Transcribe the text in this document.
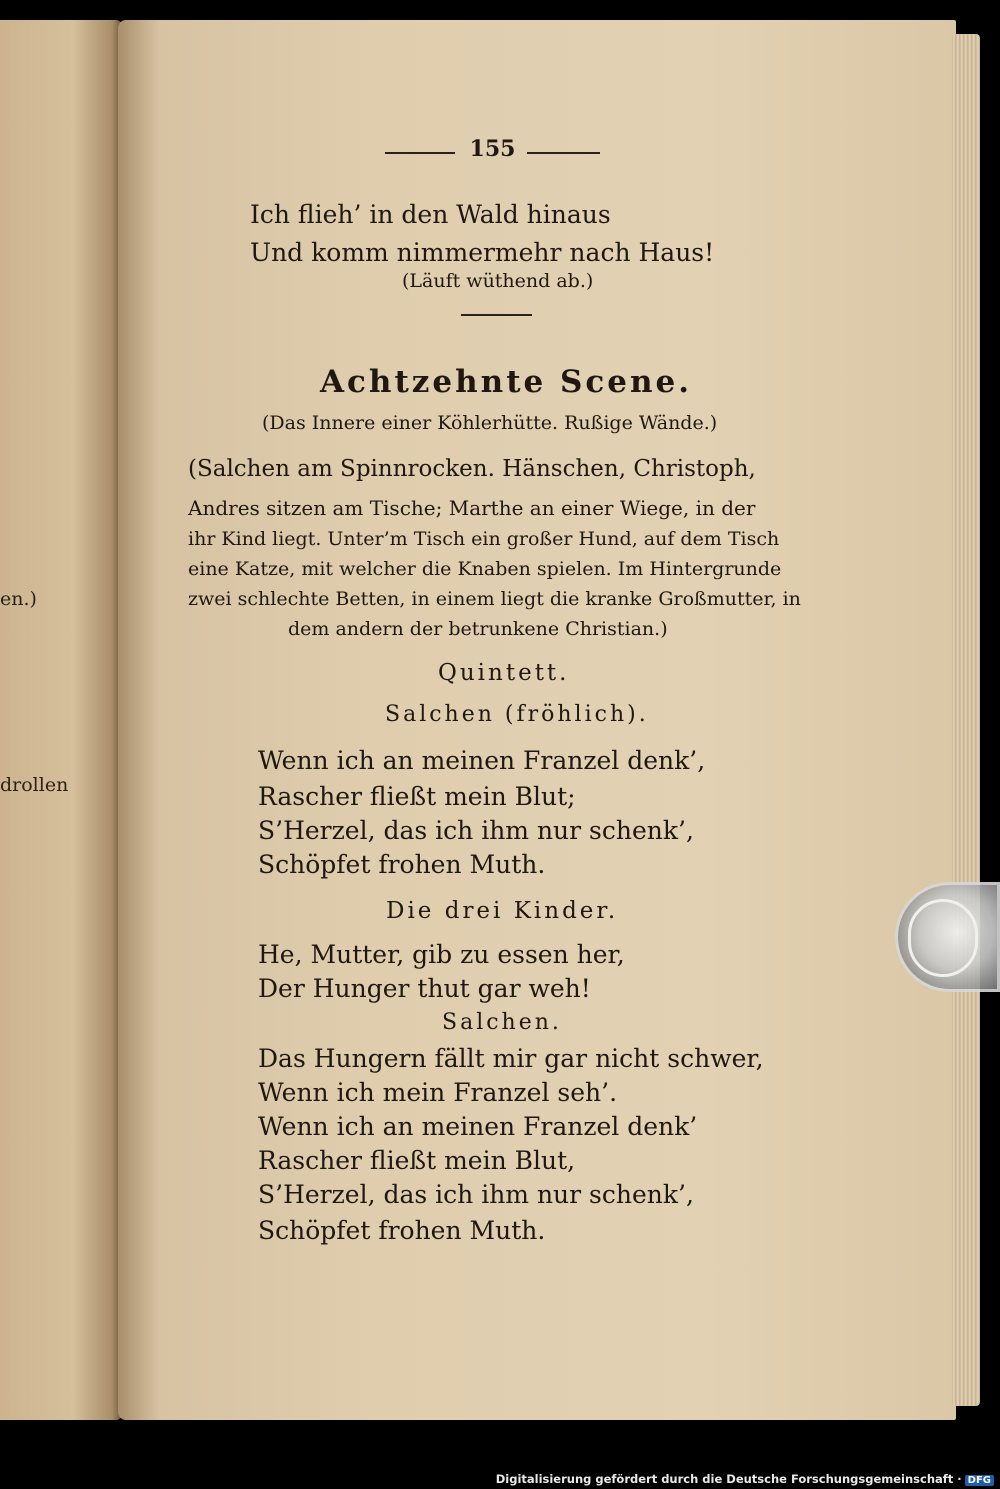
en.)
drollen
155
Ich flieh’ in den Wald hinaus
Und komm nimmermehr nach Haus!
(Läuft wüthend ab.)
Achtzehnte Scene.
(Das Innere einer Köhlerhütte. Rußige Wände.)
(Salchen am Spinnrocken. Hänschen, Christoph,
Andres sitzen am Tische; Marthe an einer Wiege, in der
ihr Kind liegt. Unter’m Tisch ein großer Hund, auf dem Tisch
eine Katze, mit welcher die Knaben spielen. Im Hintergrunde
zwei schlechte Betten, in einem liegt die kranke Großmutter, in
dem andern der betrunkene Christian.)
Quintett.
Salchen (fröhlich).
Wenn ich an meinen Franzel denk’,
Rascher fließt mein Blut;
S’Herzel, das ich ihm nur schenk’,
Schöpfet frohen Muth.
Die drei Kinder.
He, Mutter, gib zu essen her,
Der Hunger thut gar weh!
Salchen.
Das Hungern fällt mir gar nicht schwer,
Wenn ich mein Franzel seh’.
Wenn ich an meinen Franzel denk’
Rascher fließt mein Blut,
S’Herzel, das ich ihm nur schenk’,
Schöpfet frohen Muth.
Digitalisierung gefördert durch die Deutsche Forschungsgemeinschaft · DFG
